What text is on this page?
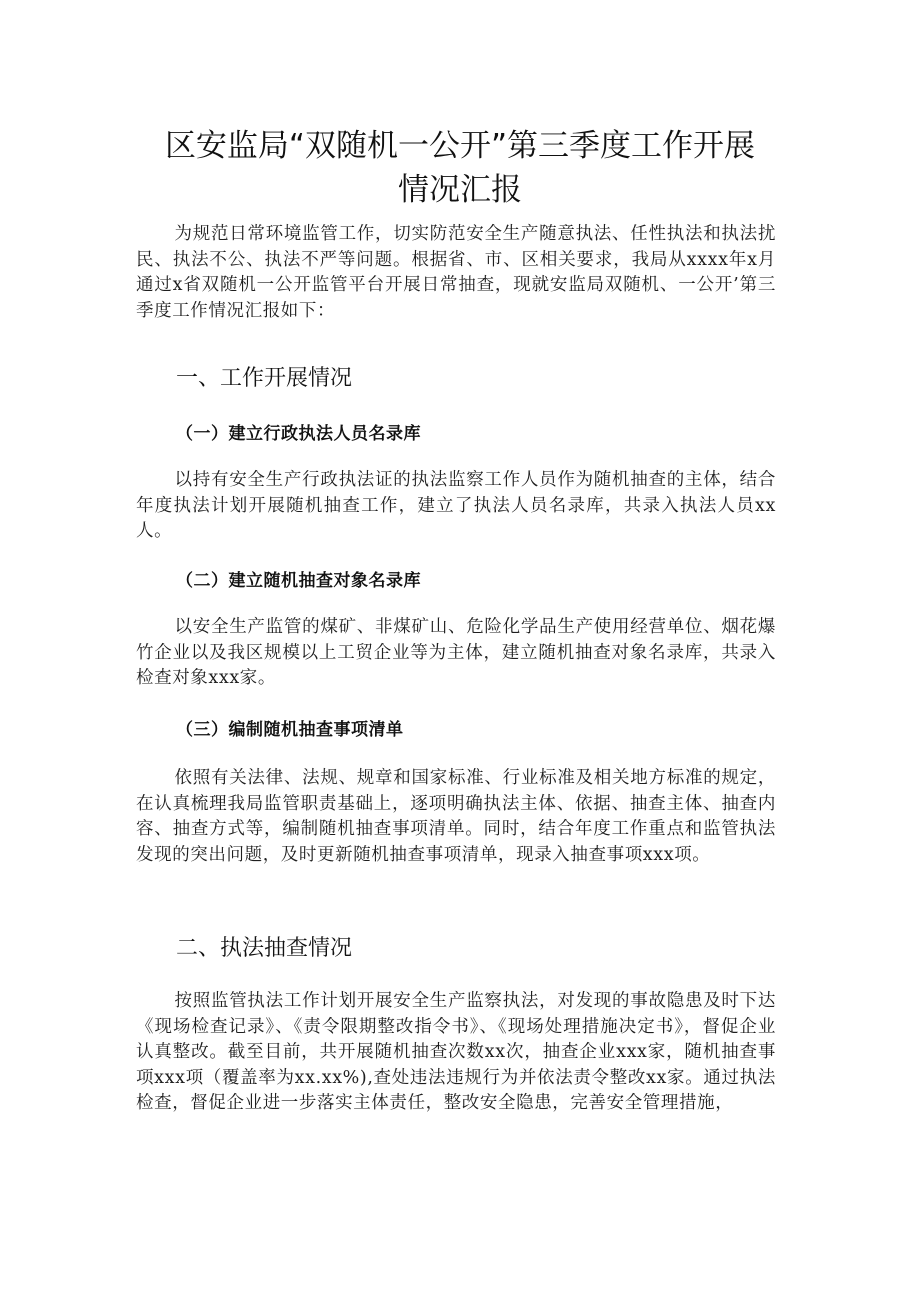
区安监局“双随机一公开”第三季度工作开展
情况汇报

为规范日常环境监管工作，切实防范安全生产随意执法、任性执法和执法扰民、执法不公、执法不严等问题。根据省、市、区相关要求，我局从xxxx年x月通过x省双随机一公开监管平台开展日常抽查，现就安监局双随机、一公开’第三季度工作情况汇报如下：

一、工作开展情况
（一）建立行政执法人员名录库

以持有安全生产行政执法证的执法监察工作人员作为随机抽查的主体，结合年度执法计划开展随机抽查工作，建立了执法人员名录库，共录入执法人员xx人。

（二）建立随机抽查对象名录库

以安全生产监管的煤矿、非煤矿山、危险化学品生产使用经营单位、烟花爆竹企业以及我区规模以上工贸企业等为主体，建立随机抽查对象名录库，共录入检查对象xxx家。

（三）编制随机抽查事项清单

依照有关法律、法规、规章和国家标准、行业标准及相关地方标准的规定，在认真梳理我局监管职责基础上，逐项明确执法主体、依据、抽查主体、抽查内容、抽查方式等，编制随机抽查事项清单。同时，结合年度工作重点和监管执法发现的突出问题，及时更新随机抽查事项清单，现录入抽查事项xxx项。

二、执法抽查情况

按照监管执法工作计划开展安全生产监察执法，对发现的事故隐患及时下达《现场检查记录》、《责令限期整改指令书》、《现场处理措施决定书》，督促企业认真整改。截至目前，共开展随机抽查次数xx次，抽查企业xxx家，随机抽查事项xxx项（覆盖率为xx.xx%),查处违法违规行为并依法责令整改xx家。通过执法检查，督促企业进一步落实主体责任，整改安全隐患，完善安全管理措施，
